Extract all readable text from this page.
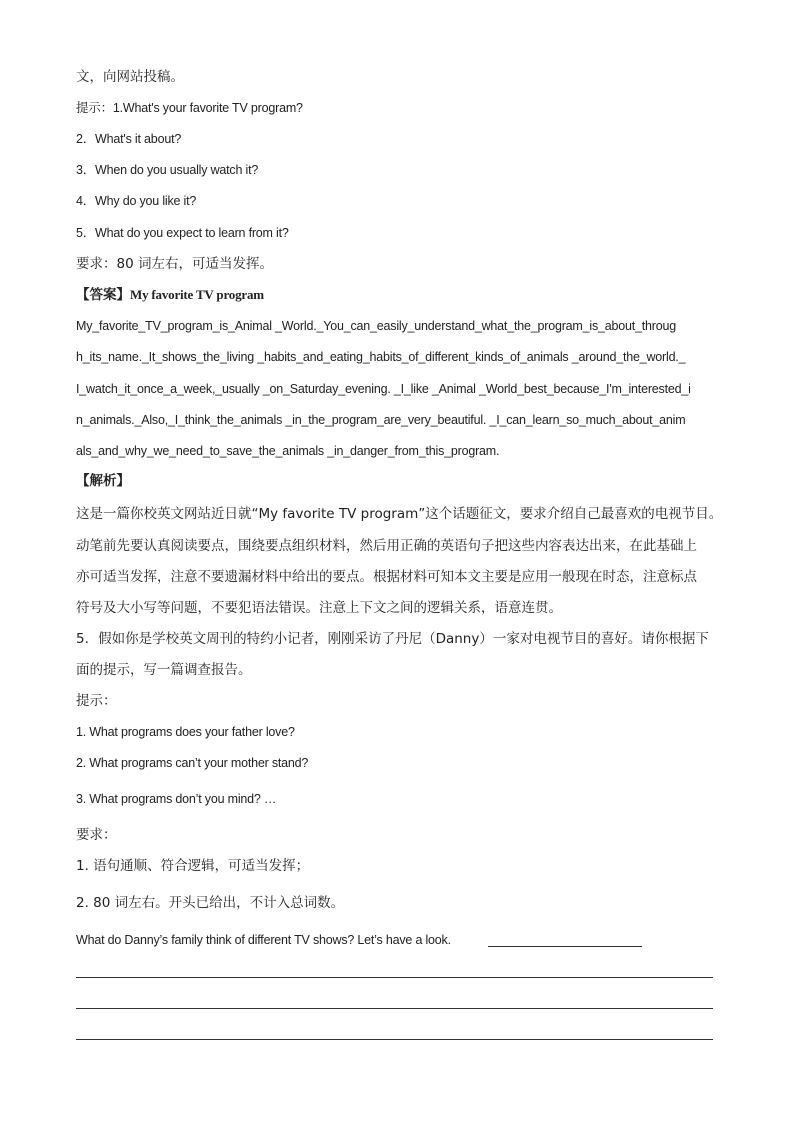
文，向网站投稿。
提示：1.What's your favorite TV program?
2．What's it about?
3．When do you usually watch it?
4．Why do you like it?
5．What do you expect to learn from it?
要求：80 词左右，可适当发挥。
【答案】My favorite TV program
My_favorite_TV_program_is_Animal _World._You_can_easily_understand_what_the_program_is_about_throug
h_its_name._It_shows_the_living _habits_and_eating_habits_of_different_kinds_of_animals _around_the_world._
I_watch_it_once_a_week,_usually _on_Saturday_evening. _I_like _Animal _World_best_because_I'm_interested_i
n_animals._Also,_I_think_the_animals _in_the_program_are_very_beautiful. _I_can_learn_so_much_about_anim
als_and_why_we_need_to_save_the_animals _in_danger_from_this_program.
【解析】
这是一篇你校英文网站近日就“My favorite TV program”这个话题征文，要求介绍自己最喜欢的电视节目。
动笔前先要认真阅读要点，围绕要点组织材料，然后用正确的英语句子把这些内容表达出来，在此基础上
亦可适当发挥，注意不要遗漏材料中给出的要点。根据材料可知本文主要是应用一般现在时态，注意标点
符号及大小写等问题，不要犯语法错误。注意上下文之间的逻辑关系，语意连贯。
5．假如你是学校英文周刊的特约小记者，刚刚采访了丹尼（Danny）一家对电视节目的喜好。请你根据下
面的提示，写一篇调查报告。
提示：
1. What programs does your father love?
2. What programs can’t your mother stand?
3. What programs don’t you mind? …
要求：
1. 语句通顺、符合逻辑，可适当发挥；
2. 80 词左右。开头已给出，不计入总词数。
What do Danny’s family think of different TV shows? Let’s have a look.
